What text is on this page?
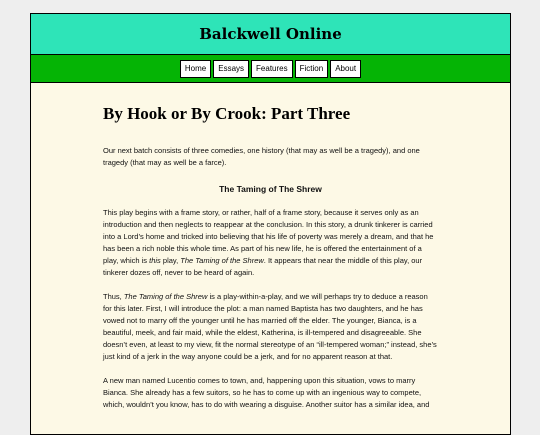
Balckwell Online
Home	Essays	Features	Fiction	About
By Hook or By Crook: Part Three

Our next batch consists of three comedies, one history (that may as well be a tragedy), and one tragedy (that may as well be a farce).

The Taming of The Shrew

This play begins with a frame story, or rather, half of a frame story, because it serves only as an introduction and then neglects to reappear at the conclusion. In this story, a drunk tinkerer is carried into a Lord’s home and tricked into believing that his life of poverty was merely a dream, and that he has been a rich noble this whole time. As part of his new life, he is offered the entertainment of a play, which is this play, The Taming of the Shrew. It appears that near the middle of this play, our tinkerer dozes off, never to be heard of again.

Thus, The Taming of the Shrew is a play-within-a-play, and we will perhaps try to deduce a reason for this later. First, I will introduce the plot: a man named Baptista has two daughters, and he has vowed not to marry off the younger until he has married off the elder. The younger, Bianca, is a beautiful, meek, and fair maid, while the eldest, Katherina, is ill-tempered and disagreeable. She doesn’t even, at least to my view, fit the normal stereotype of an “ill-tempered woman;” instead, she’s just kind of a jerk in the way anyone could be a jerk, and for no apparent reason at that.

A new man named Lucentio comes to town, and, happening upon this situation, vows to marry Bianca. She already has a few suitors, so he has to come up with an ingenious way to compete, which, wouldn’t you know, has to do with wearing a disguise. Another suitor has a similar idea, and
